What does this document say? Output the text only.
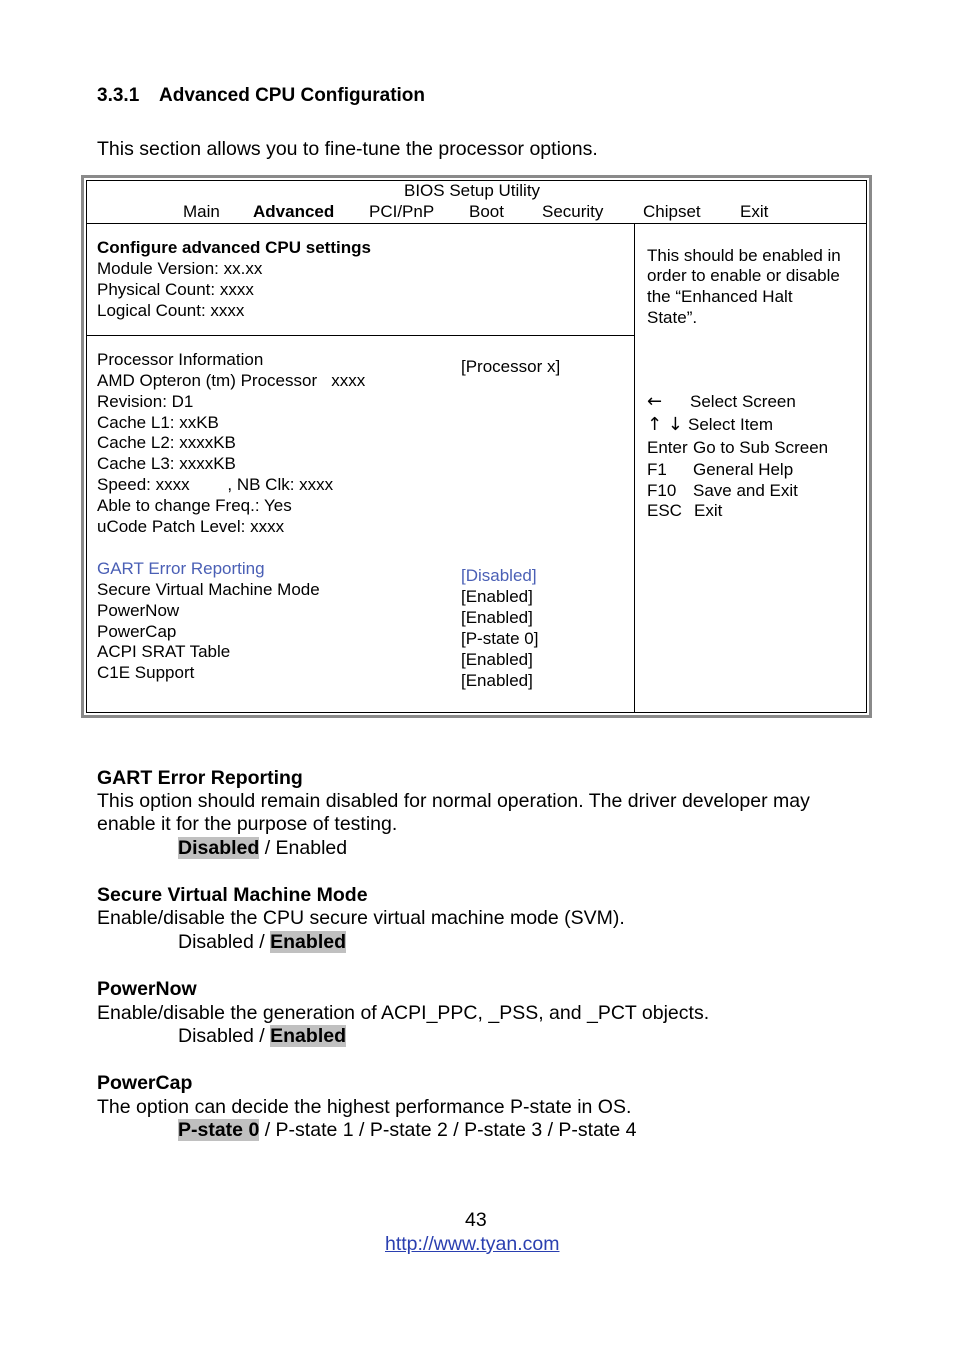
3.3.1 Advanced CPU Configuration
This section allows you to fine-tune the processor options.
BIOS Setup Utility
Main Advanced PCI/PnP Boot Security Chipset Exit
Configure advanced CPU settings
Module Version: xx.xx
Physical Count: xxxx
Logical Count: xxxx
Processor Information
AMD Opteron (tm) Processor   xxxx
Revision: D1
Cache L1: xxKB
Cache L2: xxxxKB
Cache L3: xxxxKB
Speed: xxxx        , NB Clk: xxxx
Able to change Freq.: Yes
uCode Patch Level: xxxx
[Processor x]
GART Error Reporting
Secure Virtual Machine Mode
PowerNow
PowerCap
ACPI SRAT Table
C1E Support
[Disabled]
[Enabled]
[Enabled]
[P-state 0]
[Enabled]
[Enabled]
This should be enabled in
order to enable or disable
the “Enhanced Halt
State”.
← Select Screen
↑ ↓ Select Item
Enter Go to Sub Screen
F1 General Help
F10 Save and Exit
ESC Exit
GART Error Reporting
This option should remain disabled for normal operation. The driver developer may
enable it for the purpose of testing.
Disabled / Enabled
Secure Virtual Machine Mode
Enable/disable the CPU secure virtual machine mode (SVM).
Disabled / Enabled
PowerNow
Enable/disable the generation of ACPI_PPC, _PSS, and _PCT objects.
Disabled / Enabled
PowerCap
The option can decide the highest performance P-state in OS.
P-state 0 / P-state 1 / P-state 2 / P-state 3 / P-state 4
43
http://www.tyan.com
